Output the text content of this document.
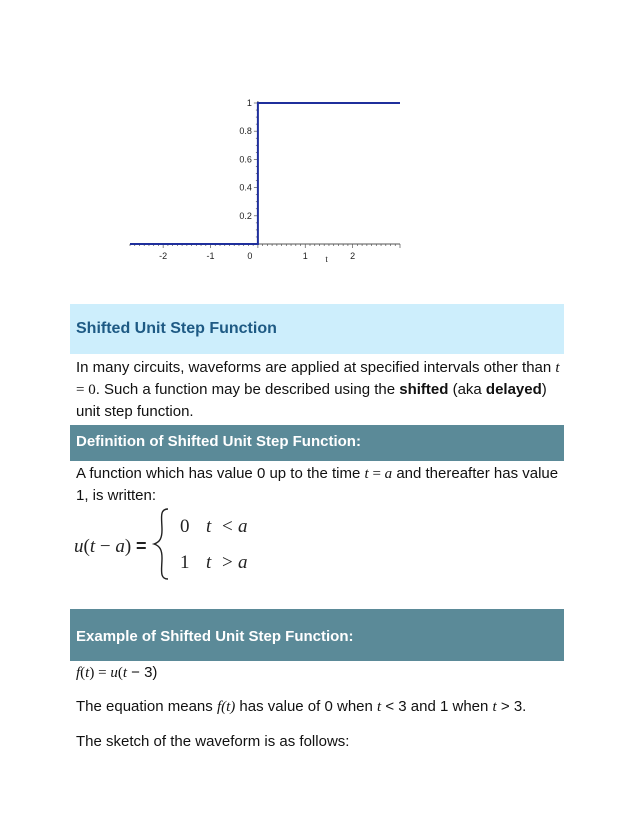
-2	-1	0	1	2
0.2
0.4
0.6
0.8
1
t
Shifted Unit Step Function

In many circuits, waveforms are applied at specified intervals other than t = 0. Such a function may be described using the shifted (aka delayed) unit step function.

Definition of Shifted Unit Step Function:

A function which has value 0 up to the time t = a and thereafter has value 1, is written:

u(t − a) =
0 t < a
1 t > a
Example of Shifted Unit Step Function:

f(t) = u(t − 3)

The equation means f(t) has value of 0 when t < 3 and 1 when t > 3.

The sketch of the waveform is as follows:
